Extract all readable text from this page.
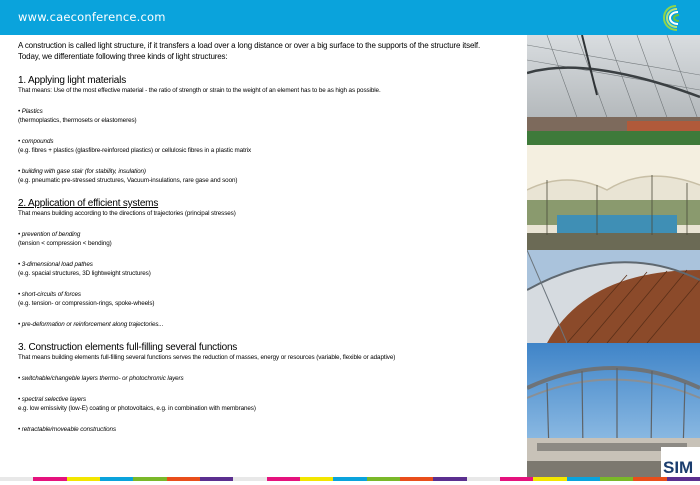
www.caeconference.com
A construction is called light structure, if it transfers a load over a long distance or over a big surface to the supports of the structure itself.
Today, we differentiate following three kinds of light structures:
1. Applying light materials
That means: Use of the most effective material - the ratio of strength or strain to the weight of an element has to be as high as possible.
• Plastics
(thermoplastics, thermosets or elastomeres)
• compounds
(e.g. fibres + plastics (glasfibre-reinforced plastics) or cellulosic fibres in a plastic matrix
• building with gase stair (for stability, insulation)
(e.g. pneumatic pre-stressed structures, Vacuum-insulations, rare gase and soon)
2. Application of efficient systems
That means building according to the directions of trajectories (principal stresses)
• prevention of bending
(tension < compression < bending)
• 3-dimensional load pathes
(e.g. spacial structures, 3D lightweight structures)
• short-circuits of forces
(e.g. tension- or compression-rings, spoke-wheels)
• pre-deformation or reinforcement along trajectories...
3. Construction elements full-filling several functions
That means building elements full-filling several functions serves the reduction of masses, energy or resources (variable, flexible or adaptive)
• switchable/changeble layers thermo- or photochromic layers
• spectral selective layers
e.g. low emissivity (low-E) coating or photovoltaics, e.g. in combination with membranes)
• retractable/moveable constructions
SIM
